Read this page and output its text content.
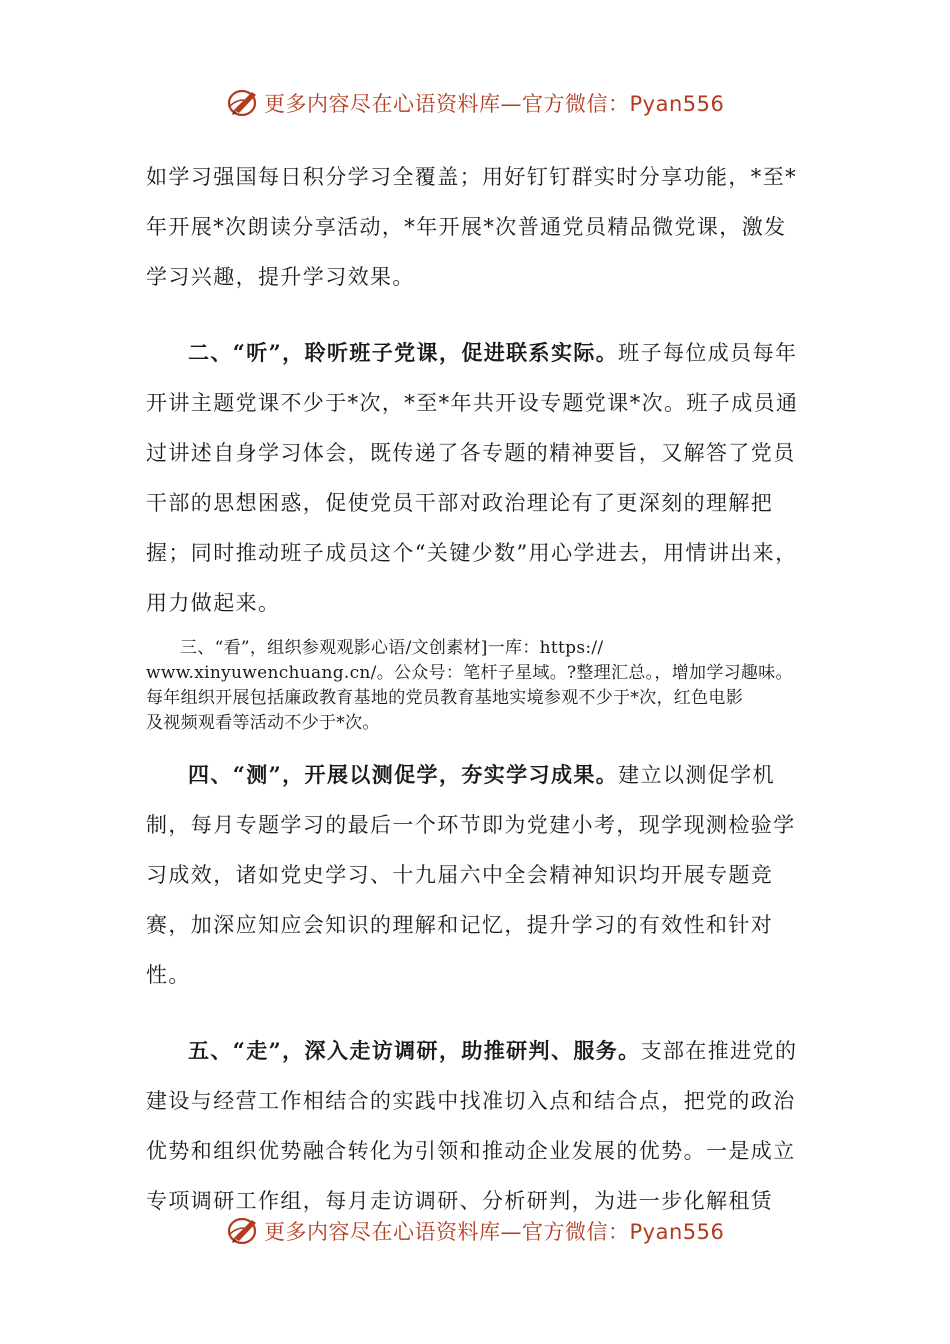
更多内容尽在心语资料库—官方微信：Pyan556

如学习强国每日积分学习全覆盖；用好钉钉群实时分享功能，*至*年开展*次朗读分享活动，*年开展*次普通党员精品微党课，激发学习兴趣，提升学习效果。

二、“听”，聆听班子党课，促进联系实际。班子每位成员每年开讲主题党课不少于*次，*至*年共开设专题党课*次。班子成员通过讲述自身学习体会，既传递了各专题的精神要旨，又解答了党员干部的思想困惑，促使党员干部对政治理论有了更深刻的理解把握；同时推动班子成员这个“关键少数”用心学进去，用情讲出来，用力做起来。

三、“看”，组织参观观影心语/文创素材]一库：https://
www.xinyuwenchuang.cn/。公众号：笔杆子星域。?整理汇总。，增加学习趣味。
每年组织开展包括廉政教育基地的党员教育基地实境参观不少于*次，红色电影
及视频观看等活动不少于*次。

四、“测”，开展以测促学，夯实学习成果。建立以测促学机制，每月专题学习的最后一个环节即为党建小考，现学现测检验学习成效，诸如党史学习、十九届六中全会精神知识均开展专题竞赛，加深应知应会知识的理解和记忆，提升学习的有效性和针对性。

五、“走”，深入走访调研，助推研判、服务。支部在推进党的建设与经营工作相结合的实践中找准切入点和结合点，把党的政治优势和组织优势融合转化为引领和推动企业发展的优势。一是成立专项调研工作组，每月走访调研、分析研判，为进一步化解租赁

更多内容尽在心语资料库—官方微信：Pyan556
